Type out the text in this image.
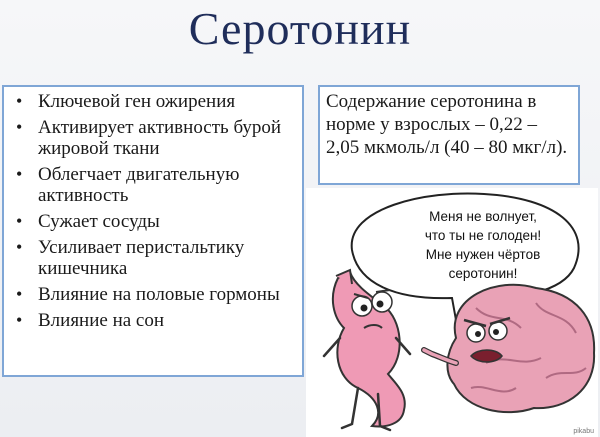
Серотонин
• Ключевой ген ожирения
• Активирует активность бурой жировой ткани
• Облегчает двигательную активность
• Сужает сосуды
• Усиливает перистальтику кишечника
• Влияние на половые гормоны
• Влияние на сон

Содержание серотонина в норме у взрослых – 0,22 – 2,05 мкмоль/л (40 – 80 мкг/л).

Меня не волнует,
что ты не голоден!
Мне нужен чёртов
серотонин!
pikabu
